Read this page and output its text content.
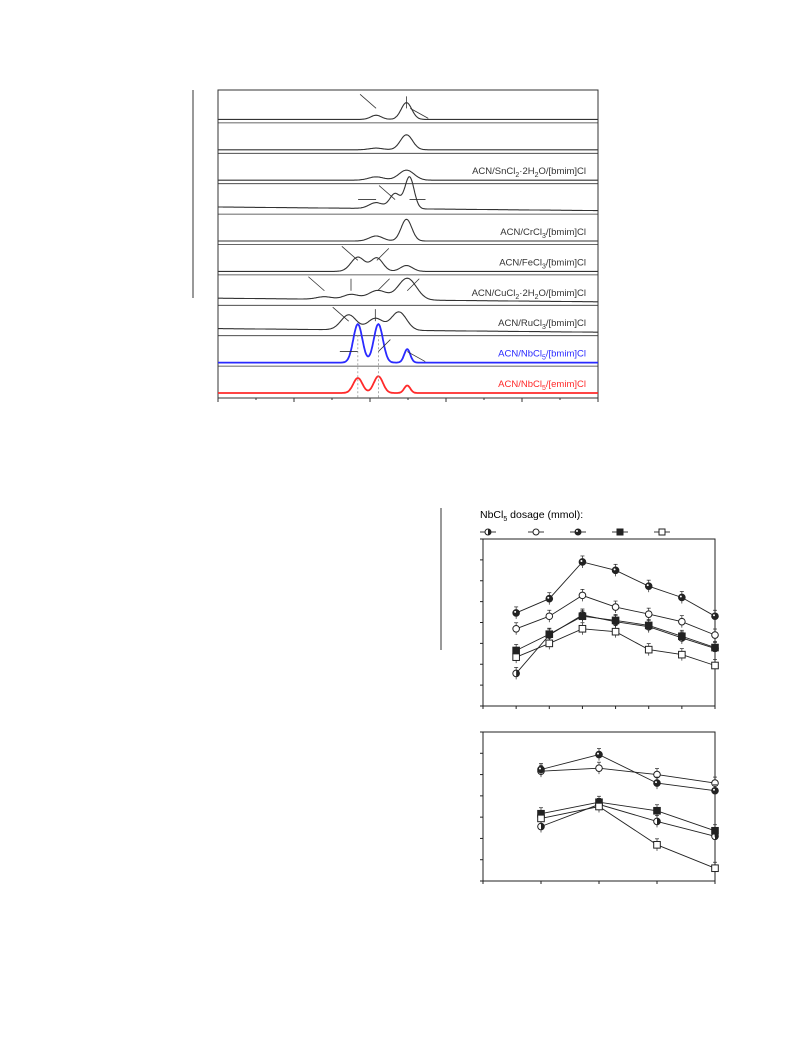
ACN/$SnCl_2\cdot 2H_2O/[bmim]Cl$
ACN/CrCl$_3$/[bmim]Cl
ACN/FeCl$_3$/[bmim]Cl
ACN/$CuCl_2\cdot 2H_2O/[bmim]Cl$
ACN/RuCl$_3$/[bmim]Cl
ACN/NbCl$_5$/[bmim]Cl
ACN/NbCl$_5$/[emim]Cl
NbCl$_5$ dosage (mmol):
